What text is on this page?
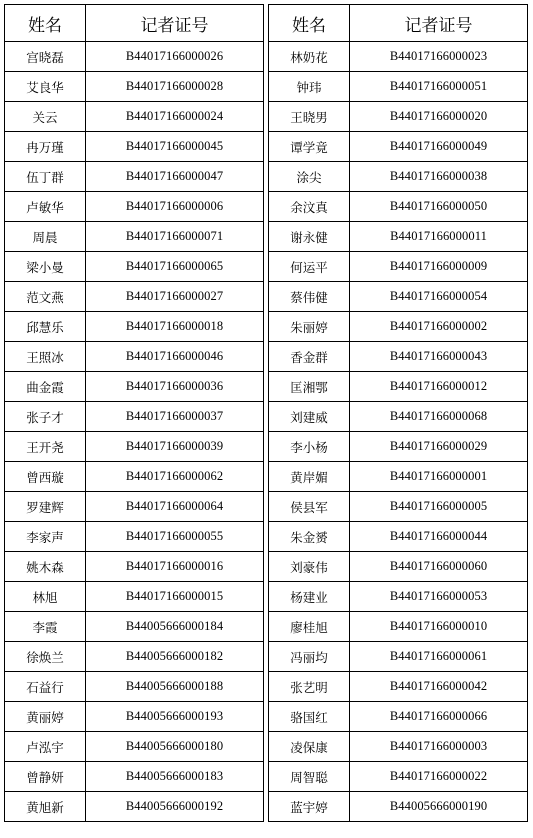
姓名	记者证号
宫晓磊	B44017166000026
艾良华	B44017166000028
关云	B44017166000024
冉万瑾	B44017166000045
伍丁群	B44017166000047
卢敏华	B44017166000006
周晨	B44017166000071
梁小曼	B44017166000065
范文燕	B44017166000027
邱慧乐	B44017166000018
王照冰	B44017166000046
曲金霞	B44017166000036
张子才	B44017166000037
王开尧	B44017166000039
曾西璇	B44017166000062
罗建辉	B44017166000064
李家声	B44017166000055
姚木森	B44017166000016
林旭	B44017166000015
李霞	B44005666000184
徐焕兰	B44005666000182
石益行	B44005666000188
黄丽婷	B44005666000193
卢泓宇	B44005666000180
曾静妍	B44005666000183
黄旭新	B44005666000192
姓名	记者证号
林奶花	B44017166000023
钟玮	B44017166000051
王晓男	B44017166000020
谭学竟	B44017166000049
涂尖	B44017166000038
余汶真	B44017166000050
谢永健	B44017166000011
何运平	B44017166000009
蔡伟健	B44017166000054
朱丽婷	B44017166000002
香金群	B44017166000043
匡湘鄂	B44017166000012
刘建威	B44017166000068
李小杨	B44017166000029
黄岸媚	B44017166000001
侯县军	B44017166000005
朱金赟	B44017166000044
刘豪伟	B44017166000060
杨建业	B44017166000053
廖桂旭	B44017166000010
冯丽均	B44017166000061
张艺明	B44017166000042
骆国红	B44017166000066
凌保康	B44017166000003
周智聪	B44017166000022
蓝宇婷	B44005666000190
